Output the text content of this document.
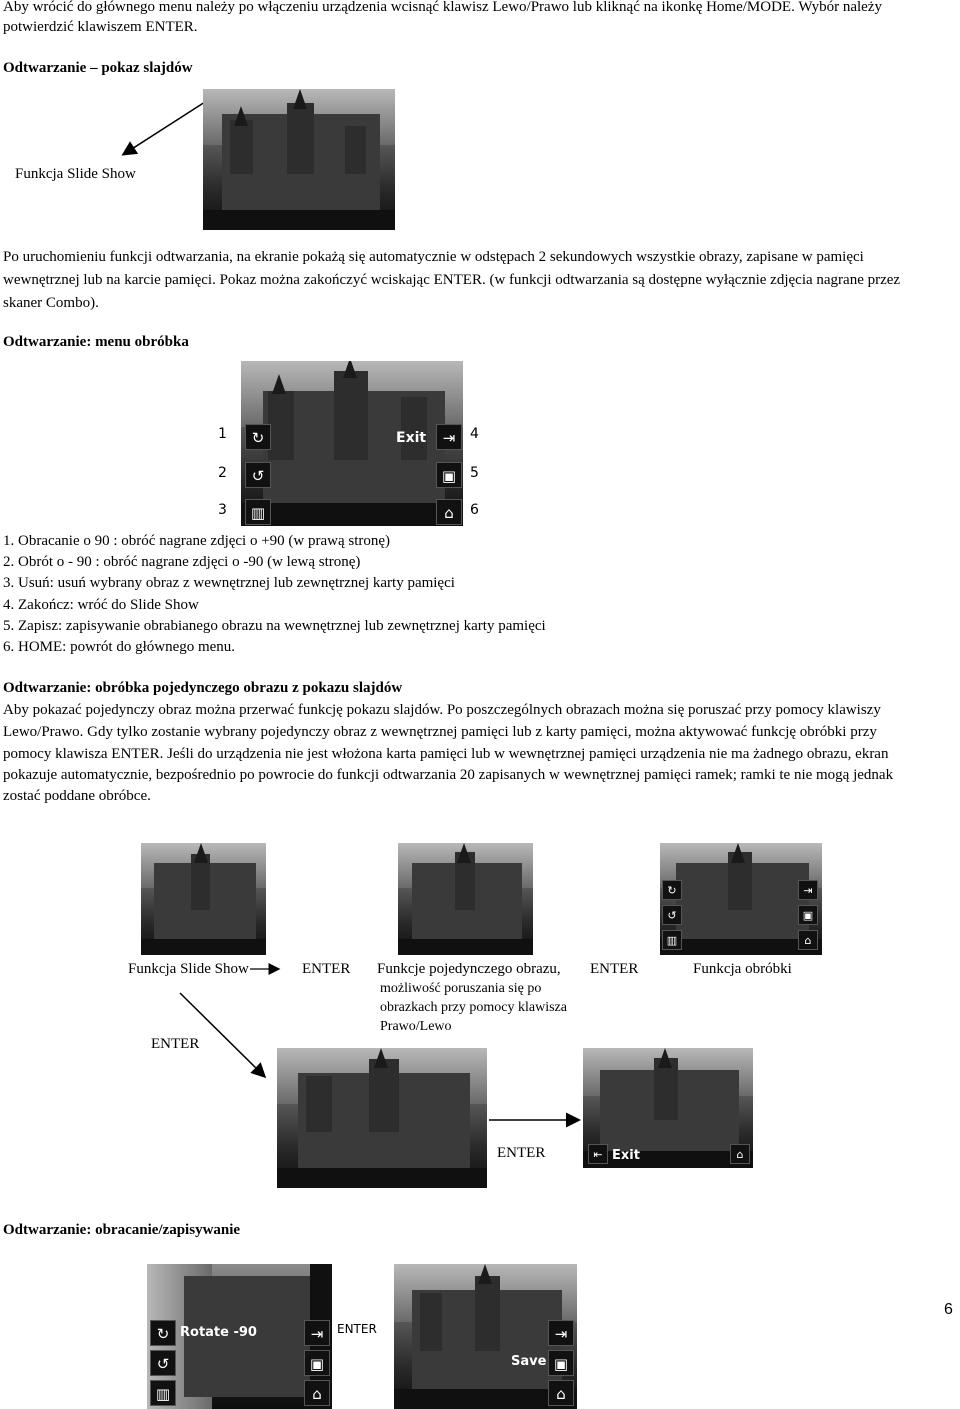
Aby wrócić do głównego menu należy po włączeniu urządzenia wcisnąć klawisz Lewo/Prawo lub kliknąć na ikonkę Home/MODE. Wybór należy
potwierdzić klawiszem ENTER.
Odtwarzanie – pokaz slajdów
Funkcja Slide Show
Po uruchomieniu funkcji odtwarzania, na ekranie pokażą się automatycznie w odstępach 2 sekundowych wszystkie obrazy, zapisane w pamięci
wewnętrznej lub na karcie pamięci. Pokaz można zakończyć wciskając ENTER. (w funkcji odtwarzania są dostępne wyłącznie zdjęcia nagrane przez
skaner Combo).
Odtwarzanie: menu obróbka
1
2
3
4
5
6
↻
↺
▥
Exit	⇥
▣
⌂
1. Obracanie o 90 : obróć nagrane zdjęci o +90 (w prawą stronę)
2. Obrót o - 90 : obróć nagrane zdjęci o -90 (w lewą stronę)
3. Usuń: usuń wybrany obraz z wewnętrznej lub zewnętrznej karty pamięci
4. Zakończ: wróć do Slide Show
5. Zapisz: zapisywanie obrabianego obrazu na wewnętrznej lub zewnętrznej karty pamięci
6. HOME: powrót do głównego menu.
Odtwarzanie: obróbka pojedynczego obrazu z pokazu slajdów
Aby pokazać pojedynczy obraz można przerwać funkcję pokazu slajdów. Po poszczególnych obrazach można się poruszać przy pomocy klawiszy
Lewo/Prawo. Gdy tylko zostanie wybrany pojedynczy obraz z wewnętrznej pamięci lub z karty pamięci, można aktywować funkcję obróbki przy
pomocy klawisza ENTER. Jeśli do urządzenia nie jest włożona karta pamięci lub w wewnętrznej pamięci urządzenia nie ma żadnego obrazu, ekran
pokazuje automatycznie, bezpośrednio po powrocie do funkcji odtwarzania 20 zapisanych w wewnętrznej pamięci ramek; ramki te nie mogą jednak
zostać poddane obróbce.
↻
↺
▥
⇥
▣
⌂
Funkcja Slide Show	ENTER Funkcje pojedynczego obrazu,
możliwość poruszania się po
obrazkach przy pomocy klawisza
Prawo/Lewo
ENTER	Funkcja obróbki
ENTER
⇤ Exit	⌂
ENTER
Odtwarzanie: obracanie/zapisywanie
↻
↺
▥
Rotate -90	⇥
▣
⌂
ENTER	⇥
▣
⌂
Save
6
